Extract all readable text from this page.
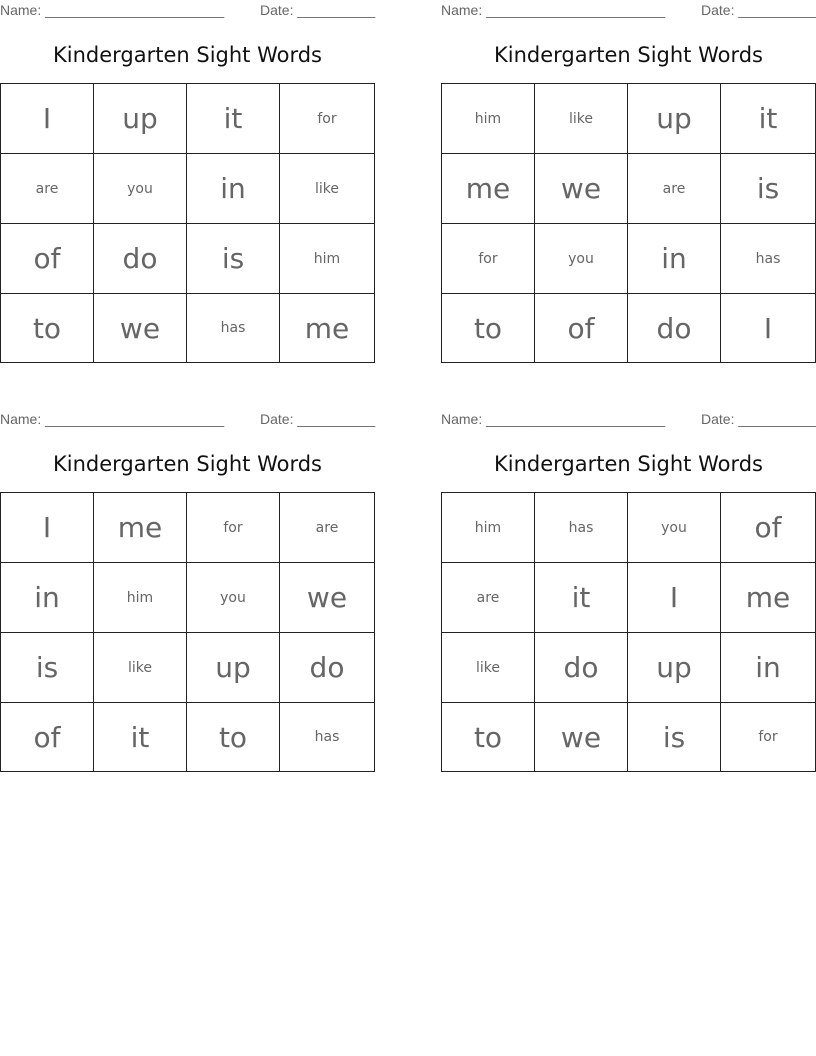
Name: _______________________	Date: __________
Kindergarten Sight Words
I	up	it	for
are	you	in	like
of	do	is	him
to	we	has	me
Name: _______________________	Date: __________
Kindergarten Sight Words
him	like	up	it
me	we	are	is
for	you	in	has
to	of	do	I
Name: _______________________	Date: __________
Kindergarten Sight Words
I	me	for	are
in	him	you	we
is	like	up	do
of	it	to	has
Name: _______________________	Date: __________
Kindergarten Sight Words
him	has	you	of
are	it	I	me
like	do	up	in
to	we	is	for
